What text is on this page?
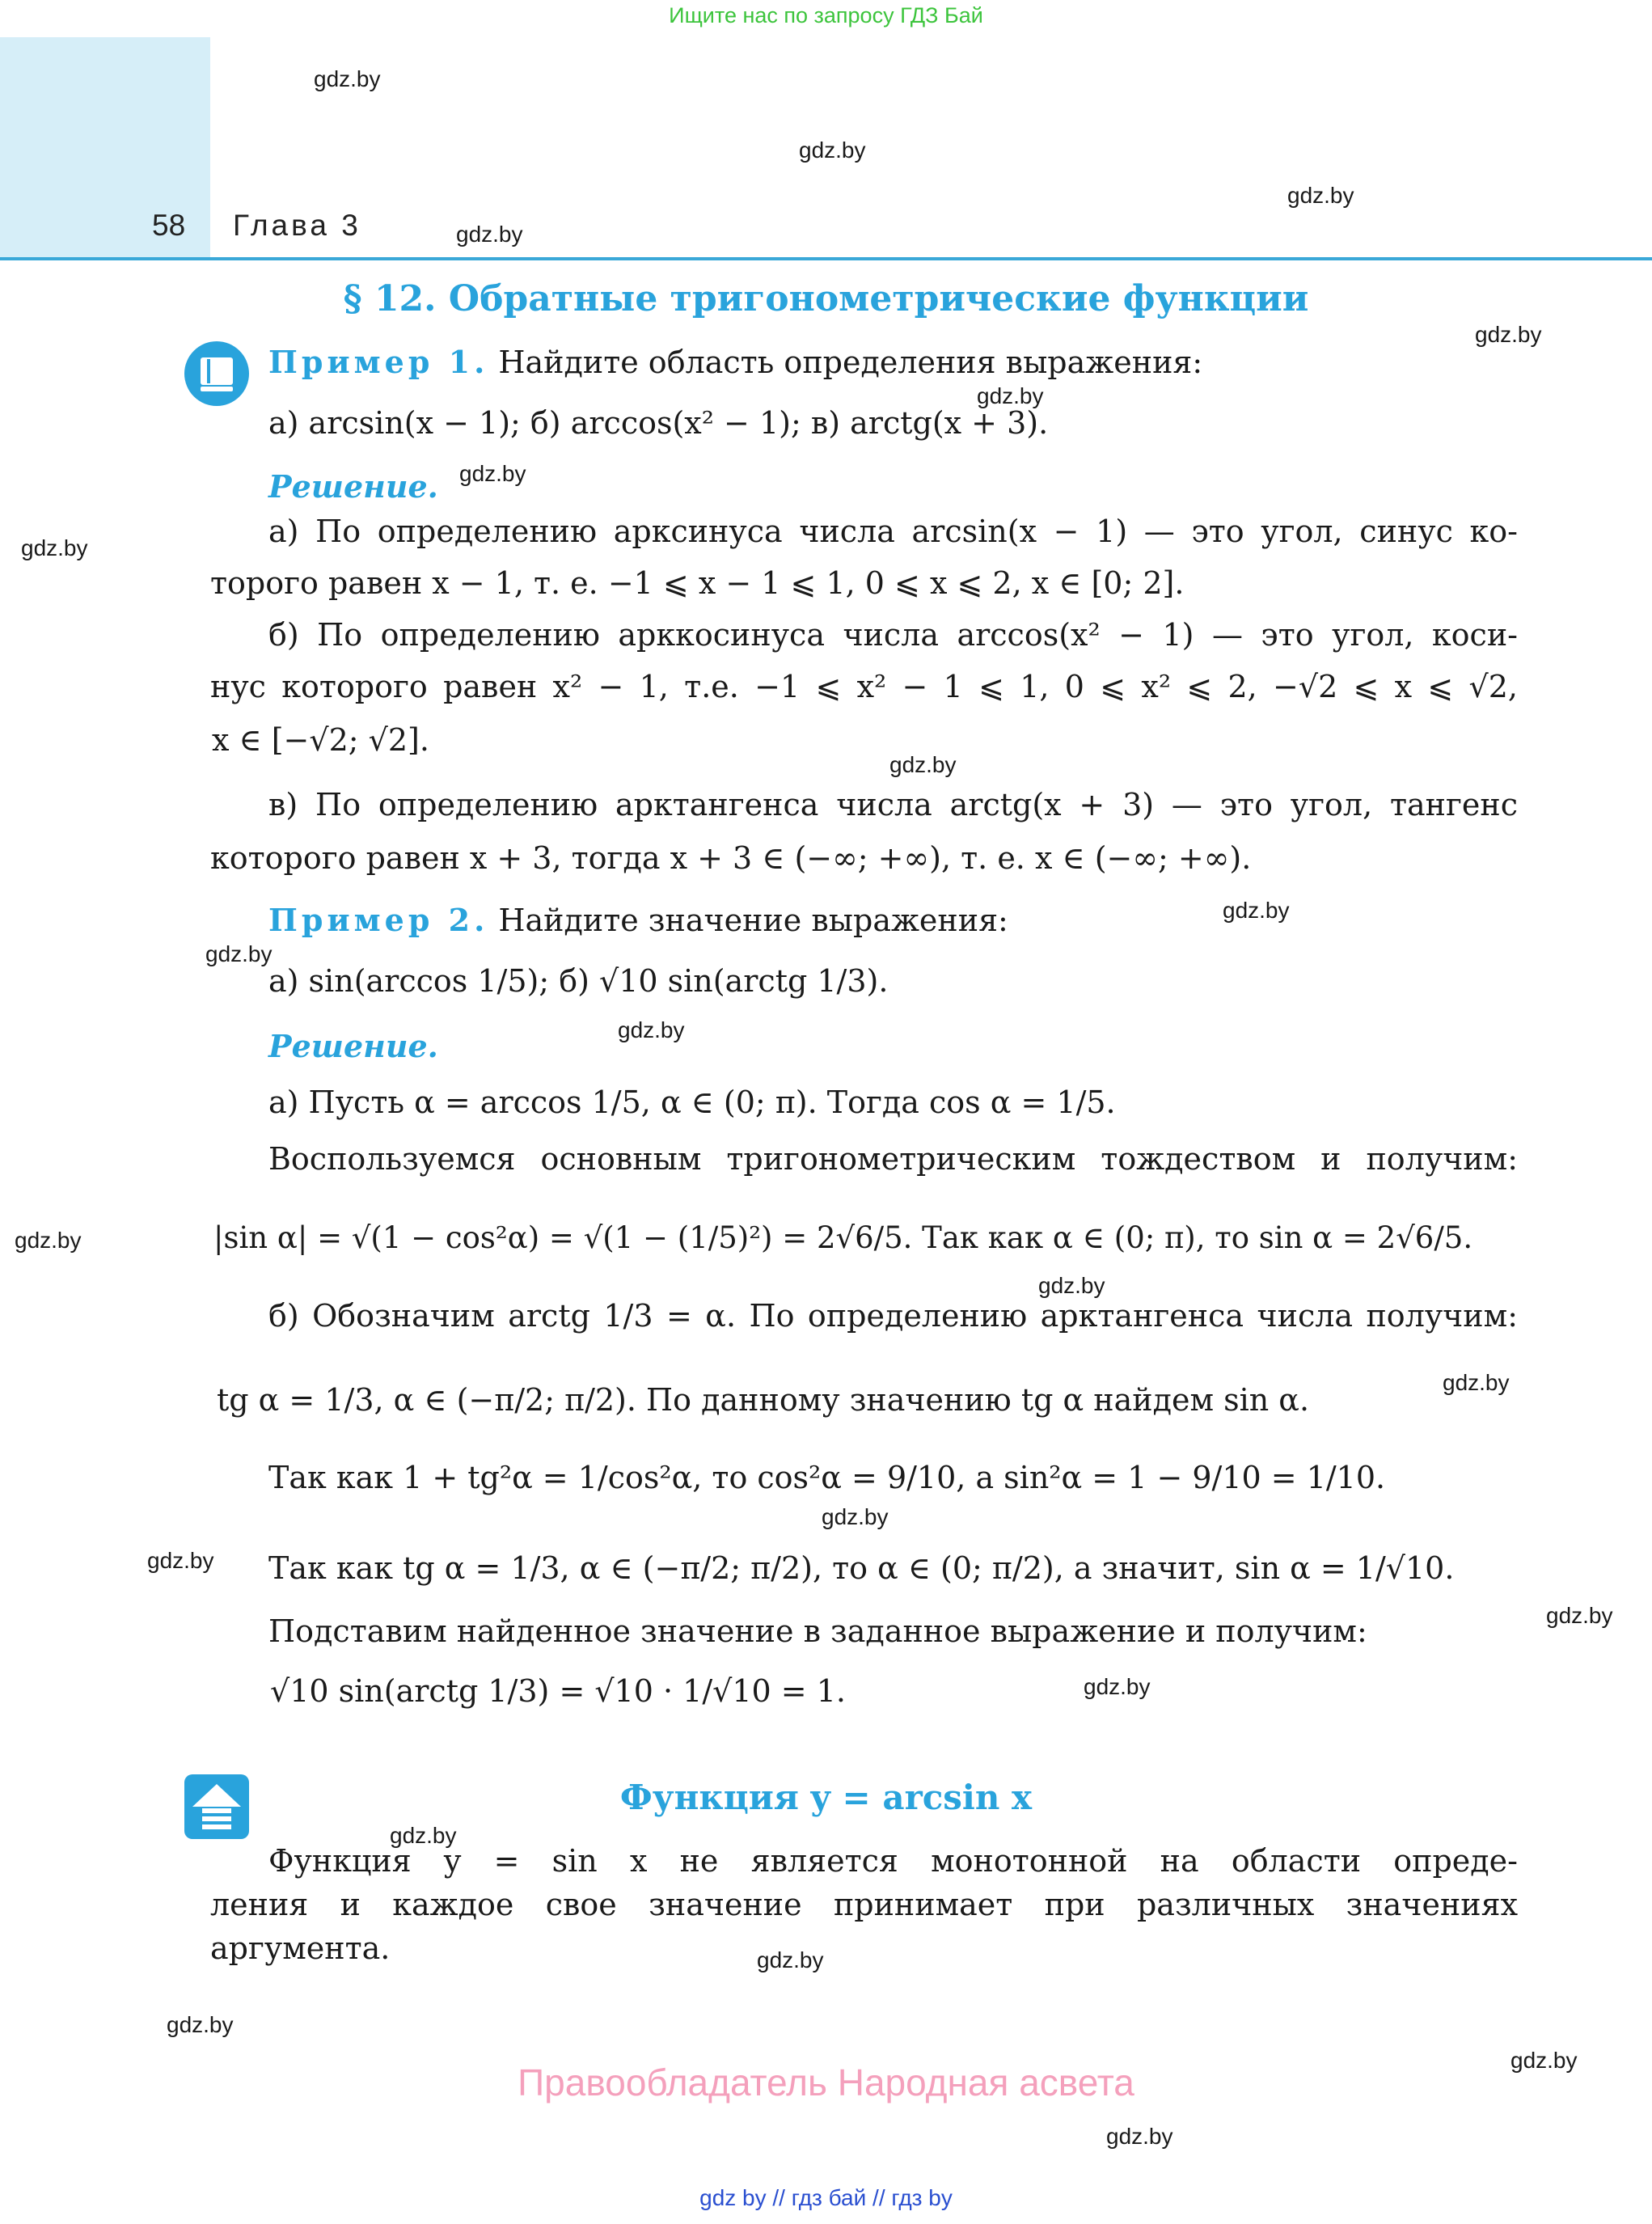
Ищите нас по запросу ГДЗ Бай
58 Глава 3
gdz.by
gdz.by
gdz.by
gdz.by
gdz.by
gdz.by
gdz.by
gdz.by
gdz.by
gdz.by
gdz.by
gdz.by
gdz.by
gdz.by
gdz.by
gdz.by
gdz.by
gdz.by
gdz.by
gdz.by
gdz.by
gdz.by
gdz.by
gdz.by
§ 12. Обратные тригонометрические функции
Пример 1. Найдите область определения выражения:
а) arcsin(x − 1); б) arccos(x² − 1); в) arctg(x + 3).
Решение.
а) По определению арксинуса числа arcsin(x − 1) — это угол, синус ко-
торого равен x − 1, т. е. −1 ⩽ x − 1 ⩽ 1, 0 ⩽ x ⩽ 2, x ∈ [0; 2].
б) По определению арккосинуса числа arccos(x² − 1) — это угол, коси-
нус которого равен x² − 1, т.е. −1 ⩽ x² − 1 ⩽ 1, 0 ⩽ x² ⩽ 2, −√2 ⩽ x ⩽ √2,
x ∈ [−√2; √2].
в) По определению арктангенса числа arctg(x + 3) — это угол, тангенс
которого равен x + 3, тогда x + 3 ∈ (−∞; +∞), т. е. x ∈ (−∞; +∞).
Пример 2. Найдите значение выражения:
а) sin(arccos 1/5); б) √10 sin(arctg 1/3).
Решение.
а) Пусть α = arccos 1/5, α ∈ (0; π). Тогда cos α = 1/5.
Воспользуемся основным тригонометрическим тождеством и получим:
|sin α| = √(1 − cos²α) = √(1 − (1/5)²) = 2√6/5. Так как α ∈ (0; π), то sin α = 2√6/5.
б) Обозначим arctg 1/3 = α. По определению арктангенса числа получим:
tg α = 1/3, α ∈ (−π/2; π/2). По данному значению tg α найдем sin α.
Так как 1 + tg²α = 1/cos²α, то cos²α = 9/10, а sin²α = 1 − 9/10 = 1/10.
Так как tg α = 1/3, α ∈ (−π/2; π/2), то α ∈ (0; π/2), а значит, sin α = 1/√10.
Подставим найденное значение в заданное выражение и получим:
√10 sin(arctg 1/3) = √10 · 1/√10 = 1.
Функция y = arcsin x
Функция y = sin x не является монотонной на области опреде-
ления и каждое свое значение принимает при различных значениях
аргумента.
Правообладатель Народная асвета
gdz by // гдз бай // гдз by
